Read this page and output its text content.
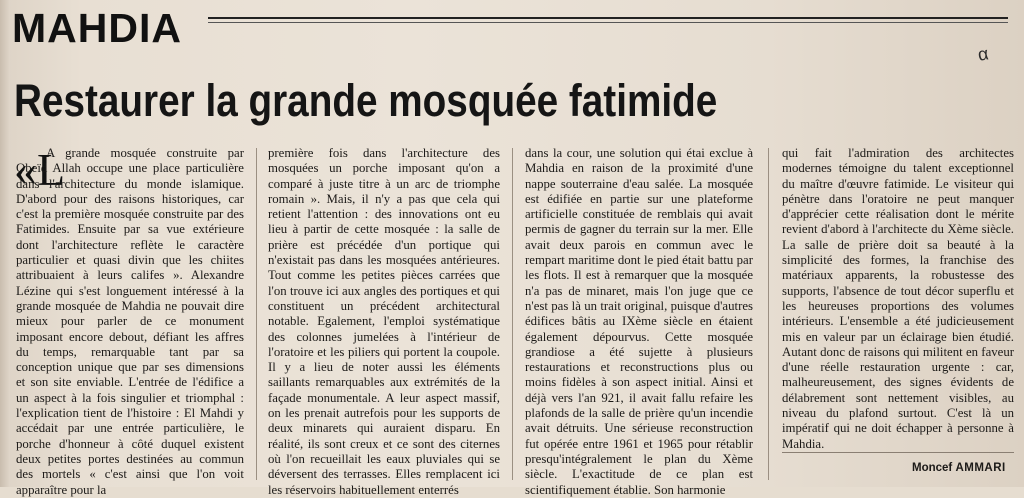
MAHDIA
α
Restaurer la grande mosquée fatimide
«L
A grande mosquée construite par Obeïd Allah occupe une place particulière dans l'architecture du monde islamique. D'abord pour des raisons historiques, car c'est la première mosquée construite par des Fatimides. Ensuite par sa vue extérieure dont l'architecture reflète le caractère particulier et quasi divin que les chiites attribuaient à leurs califes ». Alexandre Lézine qui s'est longuement intéressé à la grande mosquée de Mahdia ne pouvait dire mieux pour parler de ce monument imposant encore debout, défiant les affres du temps, remarquable tant par sa conception unique que par ses dimensions et son site enviable. L'entrée de l'édifice a un aspect à la fois singulier et triomphal : l'explication tient de l'histoire : El Mahdi y accédait par une entrée particulière, le porche d'honneur à côté duquel existent deux petites portes destinées au commun des mortels « c'est ainsi que l'on voit apparaître pour la
première fois dans l'architecture des mosquées un porche imposant qu'on a comparé à juste titre à un arc de triomphe romain ». Mais, il n'y a pas que cela qui retient l'attention : des innovations ont eu lieu à partir de cette mosquée : la salle de prière est précédée d'un portique qui n'existait pas dans les mosquées antérieures. Tout comme les petites pièces carrées que l'on trouve ici aux angles des portiques et qui constituent un précédent architectural notable. Egalement, l'emploi systématique des colonnes jumelées à l'intérieur de l'oratoire et les piliers qui portent la coupole. Il y a lieu de noter aussi les éléments saillants remarquables aux extrémités de la façade monumentale. A leur aspect massif, on les prenait autrefois pour les supports de deux minarets qui auraient disparu. En réalité, ils sont creux et ce sont des citernes où l'on recueillait les eaux pluviales qui se déversent des terrasses. Elles remplacent ici les réservoirs habituellement enterrés
dans la cour, une solution qui étai exclue à Mahdia en raison de la proximité d'une nappe souterraine d'eau salée. La mosquée est édifiée en partie sur une plateforme artificielle constituée de remblais qui avait permis de gagner du terrain sur la mer. Elle avait deux parois en commun avec le rempart maritime dont le pied était battu par les flots. Il est à remarquer que la mosquée n'a pas de minaret, mais l'on juge que ce n'est pas là un trait original, puisque d'autres édifices bâtis au IXème siècle en étaient également dépourvus. Cette mosquée grandiose a été sujette à plusieurs restaurations et reconstructions plus ou moins fidèles à son aspect initial. Ainsi et déjà vers l'an 921, il avait fallu refaire les plafonds de la salle de prière qu'un incendie avait détruits. Une sérieuse reconstruction fut opérée entre 1961 et 1965 pour rétablir presqu'intégralement le plan du Xème siècle. L'exactitude de ce plan est scientifiquement établie. Son harmonie
qui fait l'admiration des architectes modernes témoigne du talent exceptionnel du maître d'œuvre fatimide. Le visiteur qui pénètre dans l'oratoire ne peut manquer d'apprécier cette réalisation dont le mérite revient d'abord à l'architecte du Xème siècle. La salle de prière doit sa beauté à la simplicité des formes, la franchise des matériaux apparents, la robustesse des supports, l'absence de tout décor superflu et les heureuses proportions des volumes intérieurs. L'ensemble a été judicieusement mis en valeur par un éclairage bien étudié. Autant donc de raisons qui militent en faveur d'une réelle restauration urgente : car, malheureusement, des signes évidents de délabrement sont nettement visibles, au niveau du plafond surtout. C'est là un impératif qui ne doit échapper à personne à Mahdia.
Moncef AMMARI
